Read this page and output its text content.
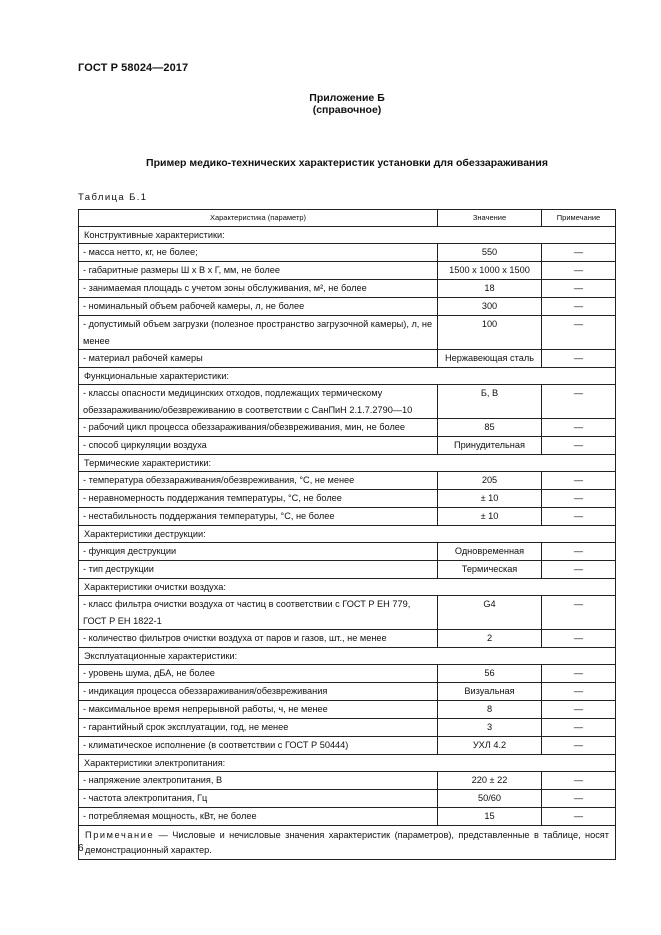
ГОСТ Р 58024—2017
Приложение Б
(справочное)
Пример медико-технических характеристик установки для обеззараживания
Таблица Б.1
Характеристика (параметр)	Значение	Примечание
Конструктивные характеристики:		
- масса нетто, кг, не более;	550	—
- габаритные размеры Ш х В х Г, мм, не более	1500 х 1000 х 1500	—
- занимаемая площадь с учетом зоны обслуживания, м², не более	18	—
- номинальный объем рабочей камеры, л, не более	300	—
- допустимый объем загрузки (полезное пространство загрузочной камеры), л, не менее	100	—
- материал рабочей камеры	Нержавеющая сталь	—
Функциональные характеристики:		
- классы опасности медицинских отходов, подлежащих термическому обеззараживанию/обезвреживанию в соответствии с СанПиН 2.1.7.2790—10	Б, В	—
- рабочий цикл процесса обеззараживания/обезвреживания, мин, не более	85	—
- способ циркуляции воздуха	Принудительная	—
Термические характеристики:		
- температура обеззараживания/обезвреживания, °С, не менее	205	—
- неравномерность поддержания температуры, °С, не более	± 10	—
- нестабильность поддержания температуры, °С, не более	± 10	—
Характеристики деструкции:		
- функция деструкции	Одновременная	—
- тип деструкции	Термическая	—
Характеристики очистки воздуха:		
- класс фильтра очистки воздуха от частиц в соответствии с ГОСТ Р ЕН 779, ГОСТ Р ЕН 1822-1	G4	—
- количество фильтров очистки воздуха от паров и газов, шт., не менее	2	—
Эксплуатационные характеристики:		
- уровень шума, дБА, не более	56	—
- индикация процесса обеззараживания/обезвреживания	Визуальная	—
- максимальное время непрерывной работы, ч, не менее	8	—
- гарантийный срок эксплуатации, год, не менее	3	—
- климатическое исполнение (в соответствии с ГОСТ Р 50444)	УХЛ 4.2	—
Характеристики электропитания:		
- напряжение электропитания, В	220 ± 22	—
- частота электропитания, Гц	50/60	—
- потребляемая мощность, кВт, не более	15	—
Примечание — Числовые и нечисловые значения характеристик (параметров), представленные в таблице, носят демонстрационный характер.		
6
